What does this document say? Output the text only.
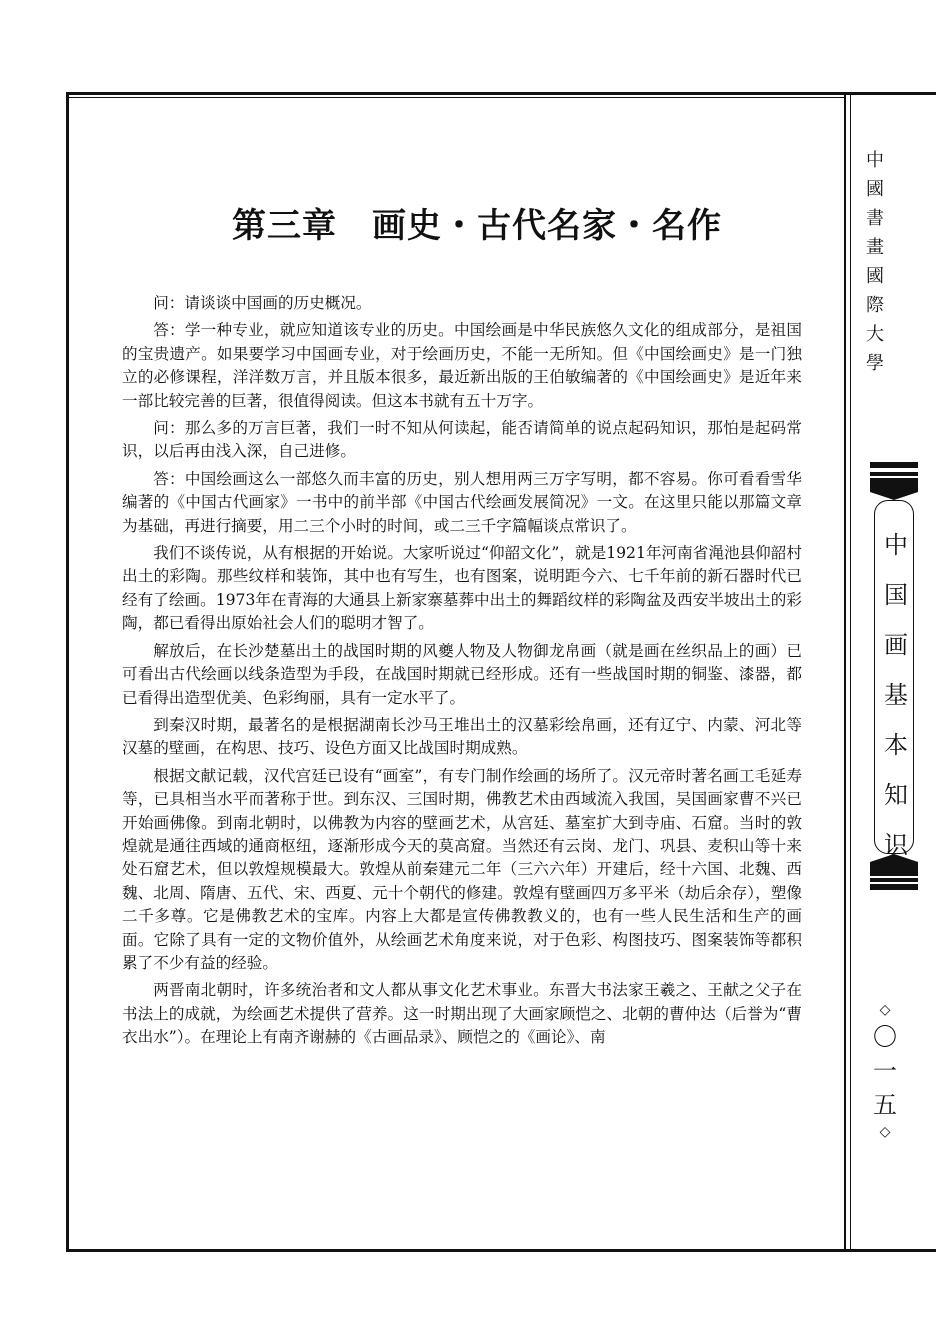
第三章　画史・古代名家・名作

问：请谈谈中国画的历史概况。

答：学一种专业，就应知道该专业的历史。中国绘画是中华民族悠久文化的组成部分，是祖国的宝贵遗产。如果要学习中国画专业，对于绘画历史，不能一无所知。但《中国绘画史》是一门独立的必修课程，洋洋数万言，并且版本很多，最近新出版的王伯敏编著的《中国绘画史》是近年来一部比较完善的巨著，很值得阅读。但这本书就有五十万字。

问：那么多的万言巨著，我们一时不知从何读起，能否请简单的说点起码知识，那怕是起码常识，以后再由浅入深，自己进修。

答：中国绘画这么一部悠久而丰富的历史，别人想用两三万字写明，都不容易。你可看看雪华编著的《中国古代画家》一书中的前半部《中国古代绘画发展简况》一文。在这里只能以那篇文章为基础，再进行摘要，用二三个小时的时间，或二三千字篇幅谈点常识了。

我们不谈传说，从有根据的开始说。大家听说过“仰韶文化”，就是1921年河南省渑池县仰韶村出土的彩陶。那些纹样和装饰，其中也有写生，也有图案，说明距今六、七千年前的新石器时代已经有了绘画。1973年在青海的大通县上新家寨墓葬中出土的舞蹈纹样的彩陶盆及西安半坡出土的彩陶，都已看得出原始社会人们的聪明才智了。

解放后，在长沙楚墓出土的战国时期的风夔人物及人物御龙帛画（就是画在丝织品上的画）已可看出古代绘画以线条造型为手段，在战国时期就已经形成。还有一些战国时期的铜鉴、漆器，都已看得出造型优美、色彩绚丽，具有一定水平了。

到秦汉时期，最著名的是根据湖南长沙马王堆出土的汉墓彩绘帛画，还有辽宁、内蒙、河北等汉墓的壁画，在构思、技巧、设色方面又比战国时期成熟。

根据文献记载，汉代宫廷已设有“画室”，有专门制作绘画的场所了。汉元帝时著名画工毛延寿等，已具相当水平而著称于世。到东汉、三国时期，佛教艺术由西域流入我国，吴国画家曹不兴已开始画佛像。到南北朝时，以佛教为内容的壁画艺术，从宫廷、墓室扩大到寺庙、石窟。当时的敦煌就是通往西域的通商枢纽，逐渐形成今天的莫高窟。当然还有云岗、龙门、巩县、麦积山等十来处石窟艺术，但以敦煌规模最大。敦煌从前秦建元二年（三六六年）开建后，经十六国、北魏、西魏、北周、隋唐、五代、宋、西夏、元十个朝代的修建。敦煌有壁画四万多平米（劫后余存），塑像二千多尊。它是佛教艺术的宝库。内容上大都是宣传佛教教义的，也有一些人民生活和生产的画面。它除了具有一定的文物价值外，从绘画艺术角度来说，对于色彩、构图技巧、图案装饰等都积累了不少有益的经验。

两晋南北朝时，许多统治者和文人都从事文化艺术事业。东晋大书法家王羲之、王献之父子在书法上的成就，为绘画艺术提供了营养。这一时期出现了大画家顾恺之、北朝的曹仲达（后誉为“曹衣出水”）。在理论上有南齐谢赫的《古画品录》、顾恺之的《画论》、南

中國書畫國際大學
中
国
画
基
本
知
识
◇
〇
一
五
◇
